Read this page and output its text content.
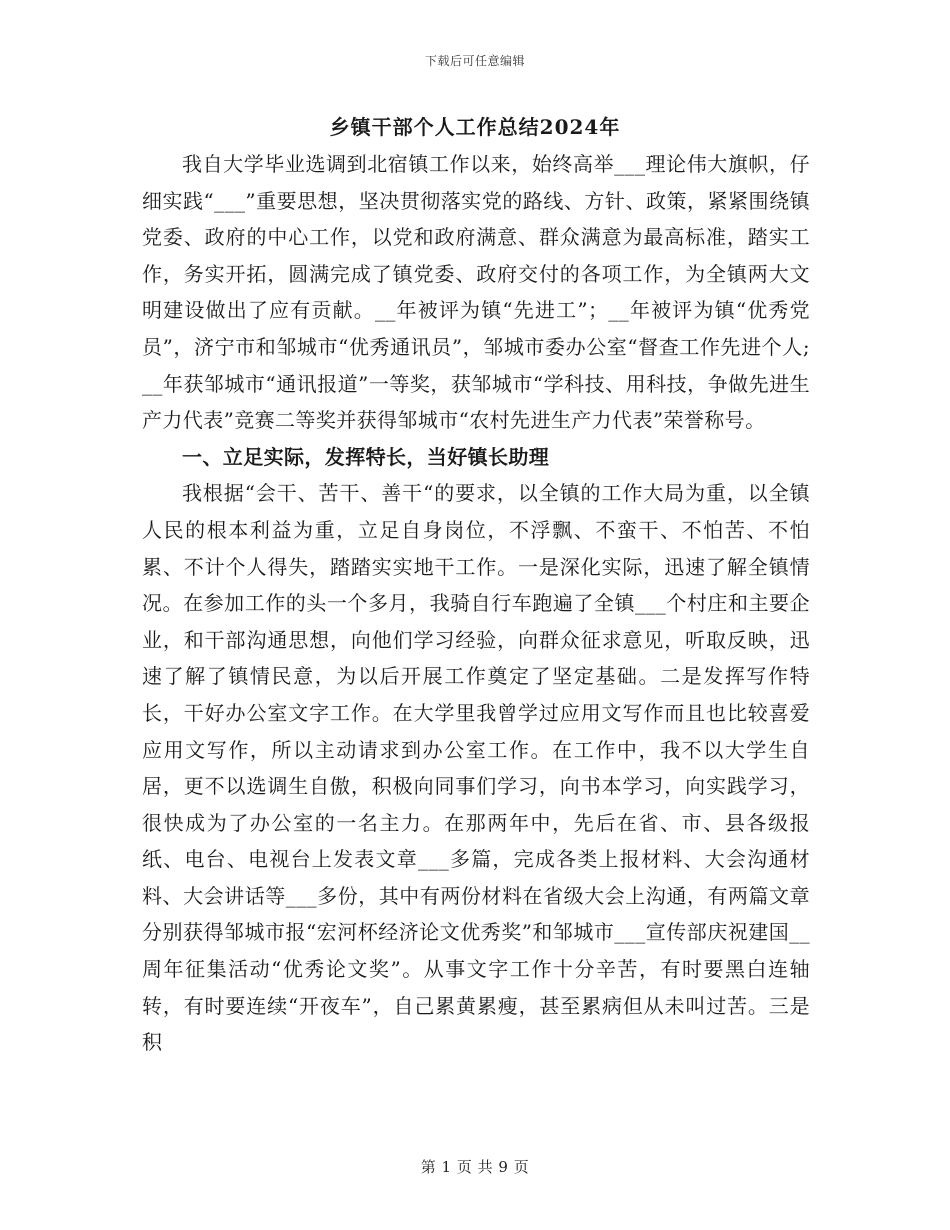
下载后可任意编辑
乡镇干部个人工作总结2024年

我自大学毕业选调到北宿镇工作以来，始终高举___理论伟大旗帜，仔细实践“___”重要思想，坚决贯彻落实党的路线、方针、政策，紧紧围绕镇党委、政府的中心工作，以党和政府满意、群众满意为最高标准，踏实工作，务实开拓，圆满完成了镇党委、政府交付的各项工作，为全镇两大文明建设做出了应有贡献。__年被评为镇“先进工”；__年被评为镇“优秀党员”，济宁市和邹城市“优秀通讯员”，邹城市委办公室“督查工作先进个人;__年获邹城市“通讯报道”一等奖，获邹城市“学科技、用科技，争做先进生产力代表”竞赛二等奖并获得邹城市“农村先进生产力代表”荣誉称号。

一、立足实际，发挥特长，当好镇长助理

我根据“会干、苦干、善干“的要求，以全镇的工作大局为重，以全镇人民的根本利益为重，立足自身岗位，不浮飘、不蛮干、不怕苦、不怕累、不计个人得失，踏踏实实地干工作。一是深化实际，迅速了解全镇情况。在参加工作的头一个多月，我骑自行车跑遍了全镇___个村庄和主要企业，和干部沟通思想，向他们学习经验，向群众征求意见，听取反映，迅速了解了镇情民意，为以后开展工作奠定了坚定基础。二是发挥写作特长，干好办公室文字工作。在大学里我曾学过应用文写作而且也比较喜爱应用文写作，所以主动请求到办公室工作。在工作中，我不以大学生自居，更不以选调生自傲，积极向同事们学习，向书本学习，向实践学习，很快成为了办公室的一名主力。在那两年中，先后在省、市、县各级报纸、电台、电视台上发表文章___多篇，完成各类上报材料、大会沟通材料、大会讲话等___多份，其中有两份材料在省级大会上沟通，有两篇文章分别获得邹城市报“宏河杯经济论文优秀奖”和邹城市___宣传部庆祝建国__周年征集活动“优秀论文奖”。从事文字工作十分辛苦，有时要黑白连轴转，有时要连续“开夜车”，自己累黄累瘦，甚至累病但从未叫过苦。三是积

第 1 页 共 9 页
